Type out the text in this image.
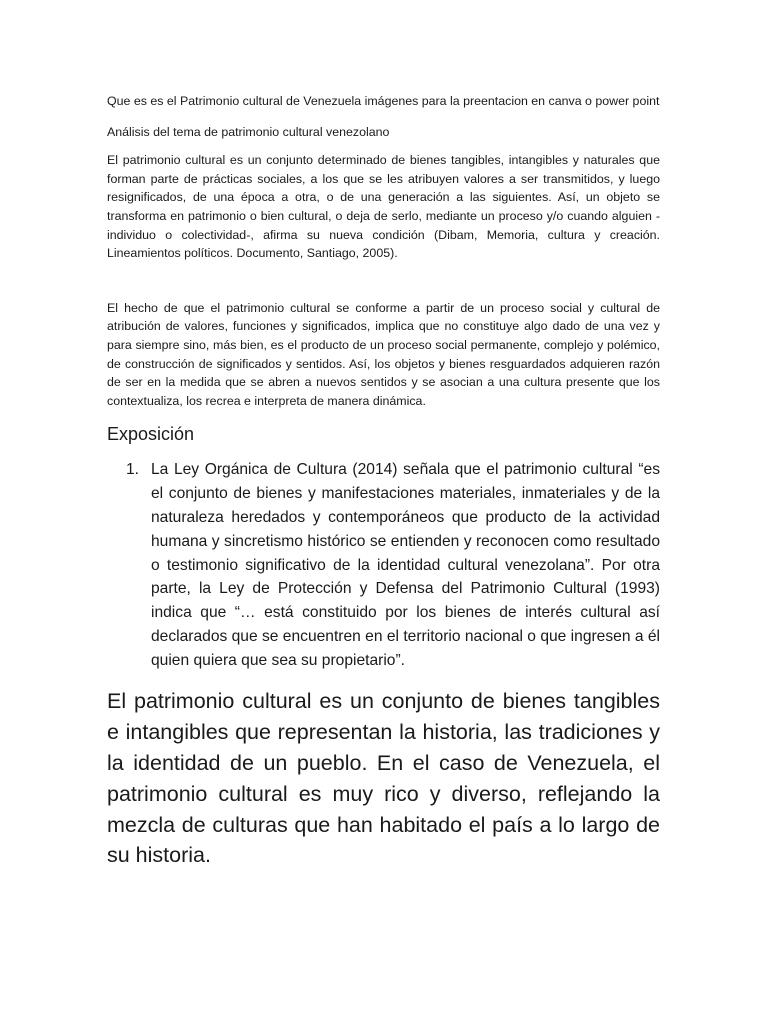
Que es es el Patrimonio cultural de Venezuela imágenes para la preentacion en canva o power point

Análisis del tema de patrimonio cultural venezolano

El patrimonio cultural es un conjunto determinado de bienes tangibles, intangibles y naturales que forman parte de prácticas sociales, a los que se les atribuyen valores a ser transmitidos, y luego resignificados, de una época a otra, o de una generación a las siguientes. Así, un objeto se transforma en patrimonio o bien cultural, o deja de serlo, mediante un proceso y/o cuando alguien -individuo o colectividad-, afirma su nueva condición (Dibam, Memoria, cultura y creación. Lineamientos políticos. Documento, Santiago, 2005).

El hecho de que el patrimonio cultural se conforme a partir de un proceso social y cultural de atribución de valores, funciones y significados, implica que no constituye algo dado de una vez y para siempre sino, más bien, es el producto de un proceso social permanente, complejo y polémico, de construcción de significados y sentidos. Así, los objetos y bienes resguardados adquieren razón de ser en la medida que se abren a nuevos sentidos y se asocian a una cultura presente que los contextualiza, los recrea e interpreta de manera dinámica.

Exposición
1. La Ley Orgánica de Cultura (2014) señala que el patrimonio cultural “es el conjunto de bienes y manifestaciones materiales, inmateriales y de la naturaleza heredados y contemporáneos que producto de la actividad humana y sincretismo histórico se entienden y reconocen como resultado o testimonio significativo de la identidad cultural venezolana”. Por otra parte, la Ley de Protección y Defensa del Patrimonio Cultural (1993) indica que “… está constituido por los bienes de interés cultural así declarados que se encuentren en el territorio nacional o que ingresen a él quien quiera que sea su propietario”.

El patrimonio cultural es un conjunto de bienes tangibles e intangibles que representan la historia, las tradiciones y la identidad de un pueblo. En el caso de Venezuela, el patrimonio cultural es muy rico y diverso, reflejando la mezcla de culturas que han habitado el país a lo largo de su historia.
